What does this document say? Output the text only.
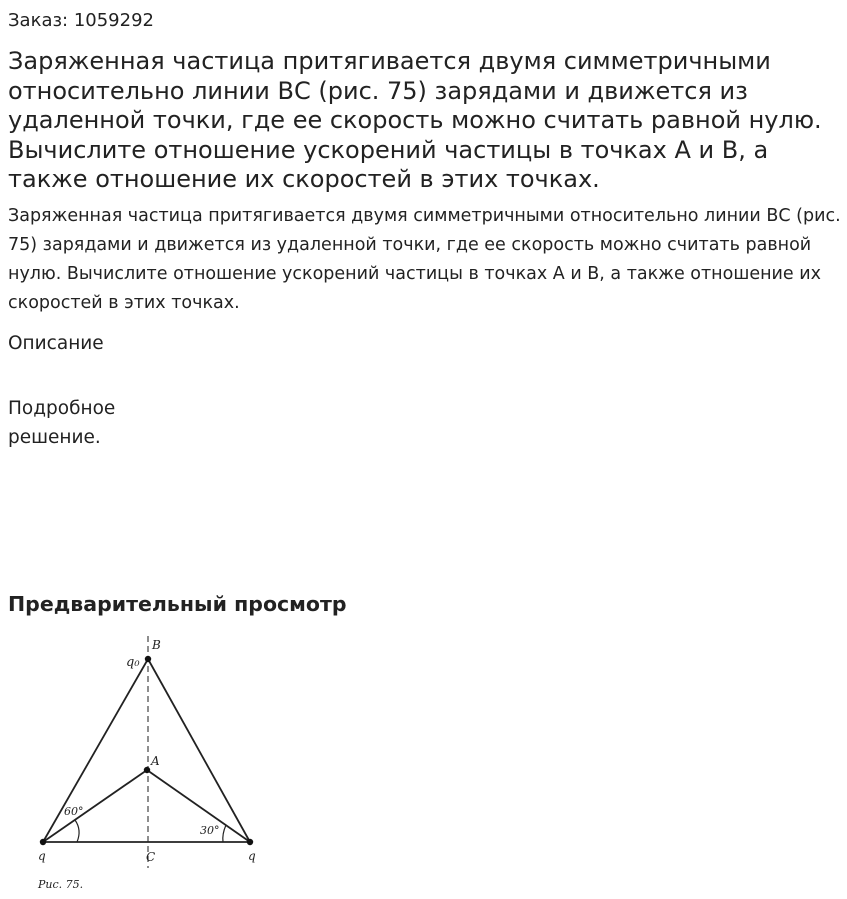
Заказ: 1059292
Заряженная частица притягивается двумя симметричными относительно линии ВС (рис. 75) зарядами и движется из удаленной точки, где ее скорость можно считать равной нулю. Вычислите отношение ускорений частицы в точках А и В, а также отношение их скоростей в этих точках.

Заряженная частица притягивается двумя симметричными относительно линии ВС (рис. 75) зарядами и движется из удаленной точки, где ее скорость можно считать равной нулю. Вычислите отношение ускорений частицы в точках А и В, а также отношение их скоростей в этих точках.

Описание
Подробное решение.
Предварительный просмотр
B
q₀
A
60°
30°
q	C	q
Рис. 75.
